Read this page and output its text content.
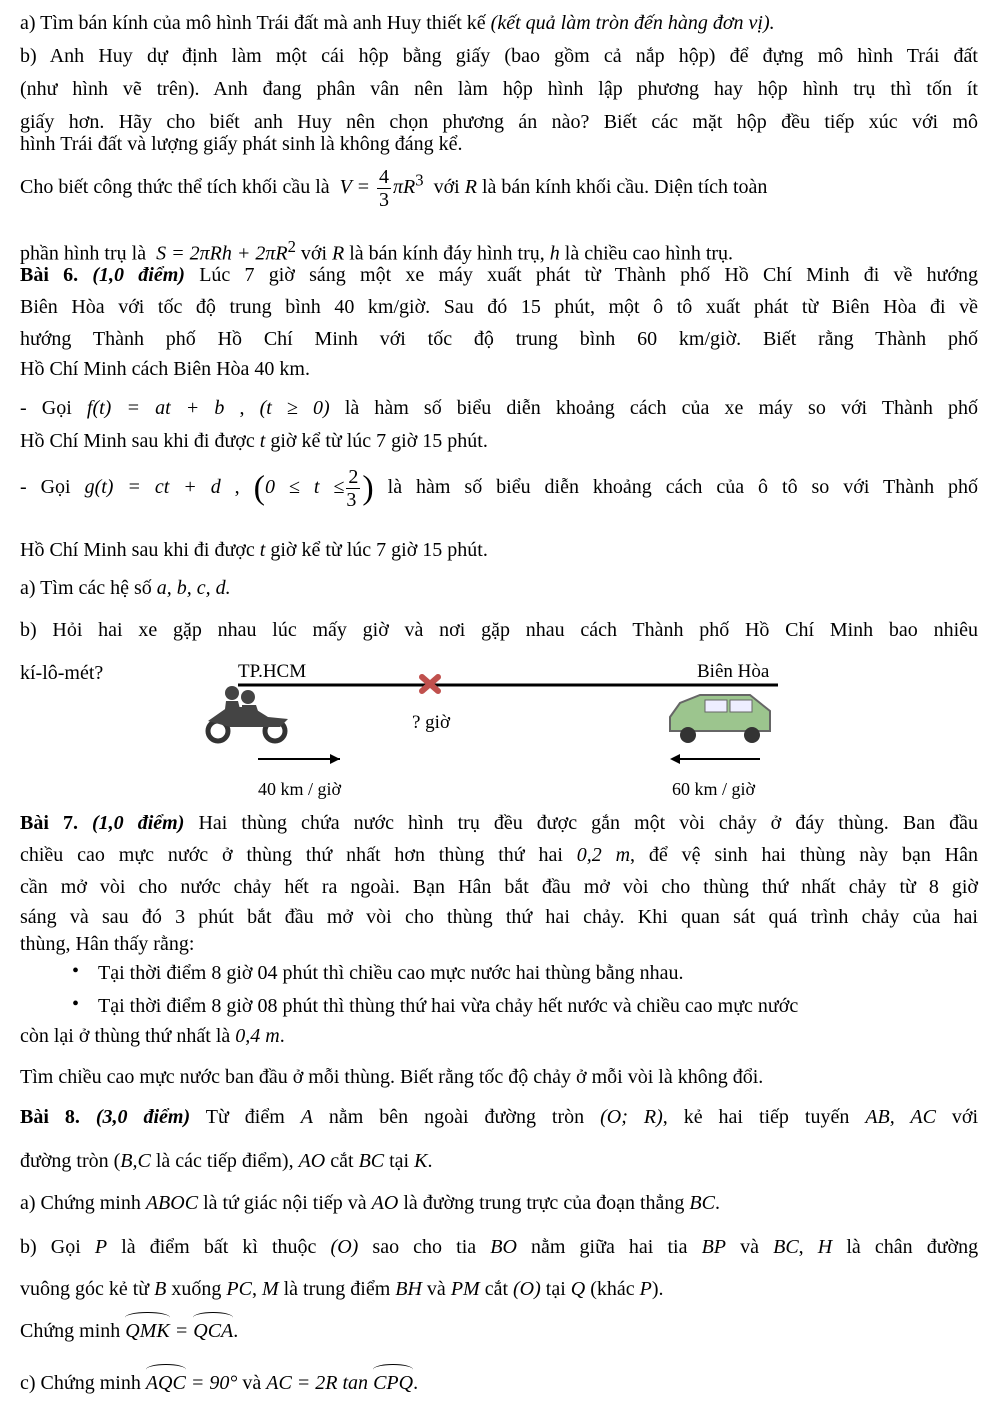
a) Tìm bán kính của mô hình Trái đất mà anh Huy thiết kế (kết quả làm tròn đến hàng đơn vị).
b) Anh Huy dự định làm một cái hộp bằng giấy (bao gồm cả nắp hộp) để đựng mô hình Trái đất
(như hình vẽ trên). Anh đang phân vân nên làm hộp hình lập phương hay hộp hình trụ thì tốn ít
giấy hơn. Hãy cho biết anh Huy nên chọn phương án nào? Biết các mặt hộp đều tiếp xúc với mô
hình Trái đất và lượng giấy phát sinh là không đáng kể.
Cho biết công thức thể tích khối cầu là  $V = \frac{4}{3} \pi R^3$ với R là bán kính khối cầu. Diện tích toàn
phần hình trụ là  $S = 2\pi Rh + 2\pi R^2$ với R là bán kính đáy hình trụ, h là chiều cao hình trụ.
Bài 6. (1,0 điểm) Lúc 7 giờ sáng một xe máy xuất phát từ Thành phố Hồ Chí Minh đi về hướng
Biên Hòa với tốc độ trung bình 40 km/giờ. Sau đó 15 phút, một ô tô xuất phát từ Biên Hòa đi về
hướng Thành phố Hồ Chí Minh với tốc độ trung bình 60 km/giờ. Biết rằng Thành phố
Hồ Chí Minh cách Biên Hòa 40 km.
- Gọi f(t) = at + b , (t ≥ 0) là hàm số biểu diễn khoảng cách của xe máy so với Thành phố
Hồ Chí Minh sau khi đi được t giờ kể từ lúc 7 giờ 15 phút.
- Gọi g(t) = ct + d , ($0 \le t \le \frac{2}{3}$ ) là hàm số biểu diễn khoảng cách của ô tô so với Thành phố
Hồ Chí Minh sau khi đi được t giờ kể từ lúc 7 giờ 15 phút.
a) Tìm các hệ số a, b, c, d.
b) Hỏi hai xe gặp nhau lúc mấy giờ và nơi gặp nhau cách Thành phố Hồ Chí Minh bao nhiêu
kí-lô-mét?	TP.HCM	Biên Hòa
? giờ
40 km / giờ	60 km / giờ
Bài 7. (1,0 điểm) Hai thùng chứa nước hình trụ đều được gắn một vòi chảy ở đáy thùng. Ban đầu
chiều cao mực nước ở thùng thứ nhất hơn thùng thứ hai 0,2 m, để vệ sinh hai thùng này bạn Hân
cần mở vòi cho nước chảy hết ra ngoài. Bạn Hân bắt đầu mở vòi cho thùng thứ nhất chảy từ 8 giờ
sáng và sau đó 3 phút bắt đầu mở vòi cho thùng thứ hai chảy. Khi quan sát quá trình chảy của hai
thùng, Hân thấy rằng:
• Tại thời điểm 8 giờ 04 phút thì chiều cao mực nước hai thùng bằng nhau.
• Tại thời điểm 8 giờ 08 phút thì thùng thứ hai vừa chảy hết nước và chiều cao mực nước
còn lại ở thùng thứ nhất là 0,4 m.
Tìm chiều cao mực nước ban đầu ở mỗi thùng. Biết rằng tốc độ chảy ở mỗi vòi là không đổi.
Bài 8. (3,0 điểm) Từ điểm A nằm bên ngoài đường tròn (O; R), kẻ hai tiếp tuyến AB, AC với
đường tròn (B,C là các tiếp điểm), AO cắt BC tại K.
a) Chứng minh ABOC là tứ giác nội tiếp và AO là đường trung trực của đoạn thẳng BC.
b) Gọi P là điểm bất kì thuộc (O) sao cho tia BO nằm giữa hai tia BP và BC, H là chân đường
vuông góc kẻ từ B xuống PC, M là trung điểm BH và PM cắt (O) tại Q (khác P).
Chứng minh QMK = QCA.
c) Chứng minh AQC = 90° và AC = 2R tan CPQ.
